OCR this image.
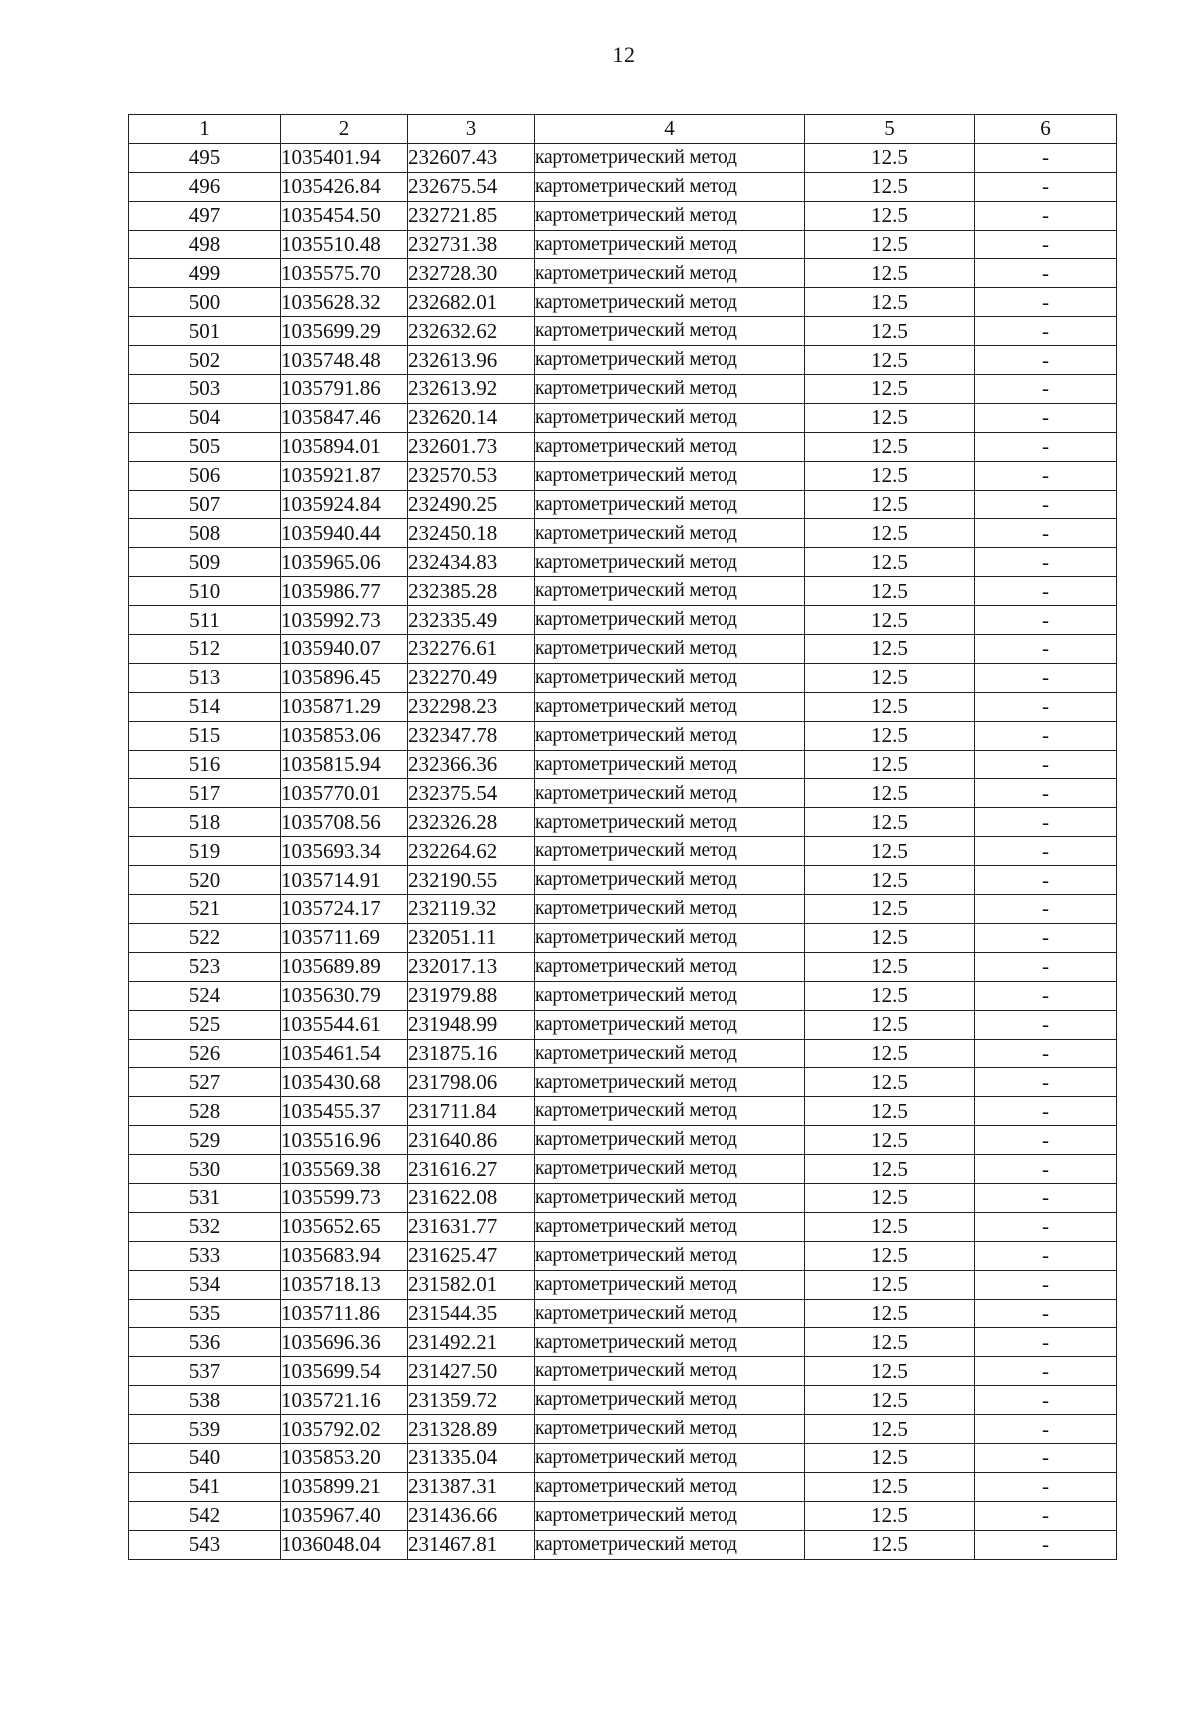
12
1	2	3	4	5	6
495	1035401.94	232607.43	картометрический метод	12.5	-
496	1035426.84	232675.54	картометрический метод	12.5	-
497	1035454.50	232721.85	картометрический метод	12.5	-
498	1035510.48	232731.38	картометрический метод	12.5	-
499	1035575.70	232728.30	картометрический метод	12.5	-
500	1035628.32	232682.01	картометрический метод	12.5	-
501	1035699.29	232632.62	картометрический метод	12.5	-
502	1035748.48	232613.96	картометрический метод	12.5	-
503	1035791.86	232613.92	картометрический метод	12.5	-
504	1035847.46	232620.14	картометрический метод	12.5	-
505	1035894.01	232601.73	картометрический метод	12.5	-
506	1035921.87	232570.53	картометрический метод	12.5	-
507	1035924.84	232490.25	картометрический метод	12.5	-
508	1035940.44	232450.18	картометрический метод	12.5	-
509	1035965.06	232434.83	картометрический метод	12.5	-
510	1035986.77	232385.28	картометрический метод	12.5	-
511	1035992.73	232335.49	картометрический метод	12.5	-
512	1035940.07	232276.61	картометрический метод	12.5	-
513	1035896.45	232270.49	картометрический метод	12.5	-
514	1035871.29	232298.23	картометрический метод	12.5	-
515	1035853.06	232347.78	картометрический метод	12.5	-
516	1035815.94	232366.36	картометрический метод	12.5	-
517	1035770.01	232375.54	картометрический метод	12.5	-
518	1035708.56	232326.28	картометрический метод	12.5	-
519	1035693.34	232264.62	картометрический метод	12.5	-
520	1035714.91	232190.55	картометрический метод	12.5	-
521	1035724.17	232119.32	картометрический метод	12.5	-
522	1035711.69	232051.11	картометрический метод	12.5	-
523	1035689.89	232017.13	картометрический метод	12.5	-
524	1035630.79	231979.88	картометрический метод	12.5	-
525	1035544.61	231948.99	картометрический метод	12.5	-
526	1035461.54	231875.16	картометрический метод	12.5	-
527	1035430.68	231798.06	картометрический метод	12.5	-
528	1035455.37	231711.84	картометрический метод	12.5	-
529	1035516.96	231640.86	картометрический метод	12.5	-
530	1035569.38	231616.27	картометрический метод	12.5	-
531	1035599.73	231622.08	картометрический метод	12.5	-
532	1035652.65	231631.77	картометрический метод	12.5	-
533	1035683.94	231625.47	картометрический метод	12.5	-
534	1035718.13	231582.01	картометрический метод	12.5	-
535	1035711.86	231544.35	картометрический метод	12.5	-
536	1035696.36	231492.21	картометрический метод	12.5	-
537	1035699.54	231427.50	картометрический метод	12.5	-
538	1035721.16	231359.72	картометрический метод	12.5	-
539	1035792.02	231328.89	картометрический метод	12.5	-
540	1035853.20	231335.04	картометрический метод	12.5	-
541	1035899.21	231387.31	картометрический метод	12.5	-
542	1035967.40	231436.66	картометрический метод	12.5	-
543	1036048.04	231467.81	картометрический метод	12.5	-
